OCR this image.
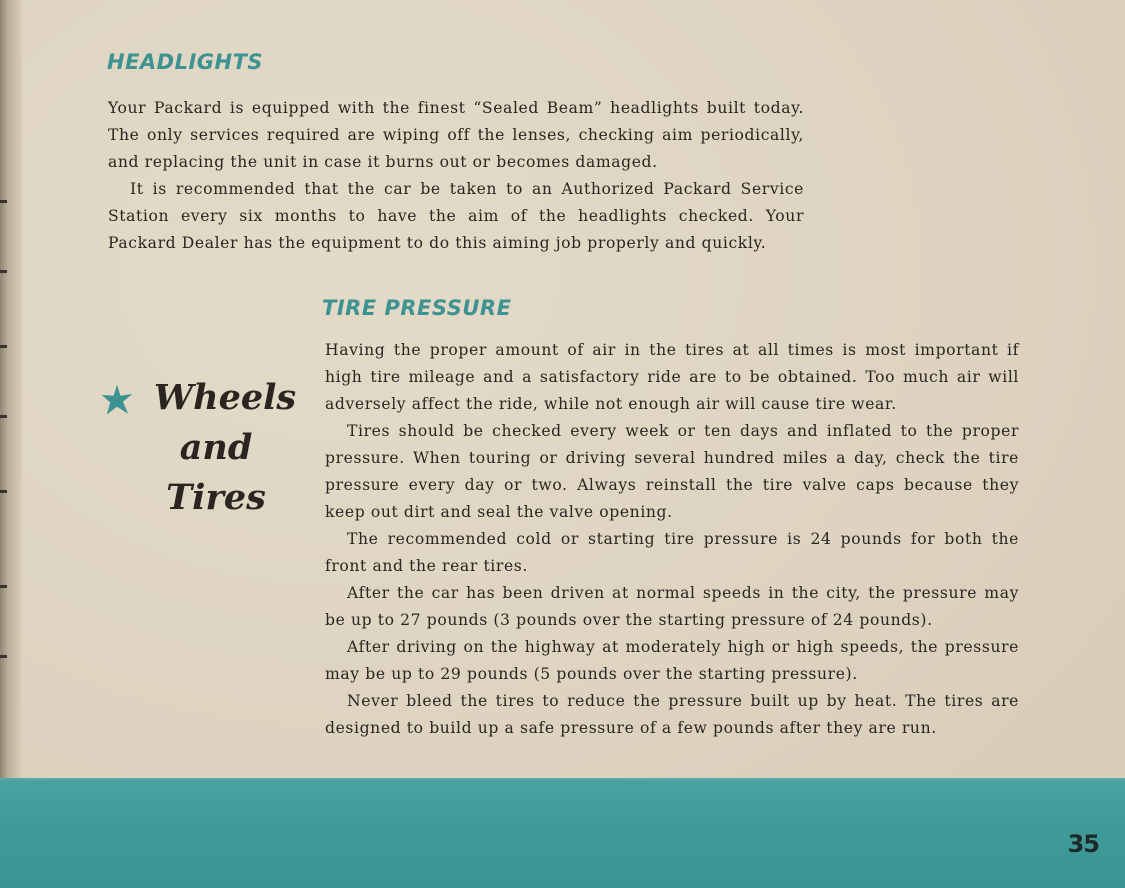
HEADLIGHTS

Your Packard is equipped with the finest “Sealed Beam” headlights built today.

The only services required are wiping off the lenses, checking aim periodically,

and replacing the unit in case it burns out or becomes damaged.

It is recommended that the car be taken to an Authorized Packard Service

Station every six months to have the aim of the headlights checked. Your

Packard Dealer has the equipment to do this aiming job properly and quickly.

Wheels
and
Tires
TIRE PRESSURE

Having the proper amount of air in the tires at all times is most important if

high tire mileage and a satisfactory ride are to be obtained. Too much air will

adversely affect the ride, while not enough air will cause tire wear.

Tires should be checked every week or ten days and inflated to the proper

pressure. When touring or driving several hundred miles a day, check the tire

pressure every day or two. Always reinstall the tire valve caps because they

keep out dirt and seal the valve opening.

The recommended cold or starting tire pressure is 24 pounds for both the

front and the rear tires.

After the car has been driven at normal speeds in the city, the pressure may

be up to 27 pounds (3 pounds over the starting pressure of 24 pounds).

After driving on the highway at moderately high or high speeds, the pressure

may be up to 29 pounds (5 pounds over the starting pressure).

Never bleed the tires to reduce the pressure built up by heat. The tires are

designed to build up a safe pressure of a few pounds after they are run.

35
